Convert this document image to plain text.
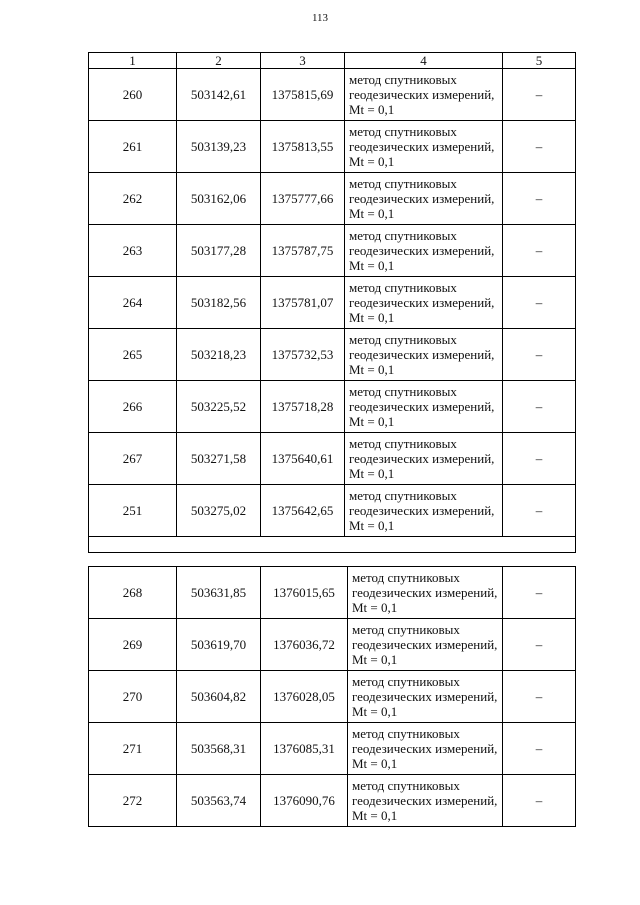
113
1	2	3	4	5
260	503142,61	1375815,69	метод спутниковых геодезических измерений, Mt = 0,1	–
261	503139,23	1375813,55	метод спутниковых геодезических измерений, Mt = 0,1	–
262	503162,06	1375777,66	метод спутниковых геодезических измерений, Mt = 0,1	–
263	503177,28	1375787,75	метод спутниковых геодезических измерений, Mt = 0,1	–
264	503182,56	1375781,07	метод спутниковых геодезических измерений, Mt = 0,1	–
265	503218,23	1375732,53	метод спутниковых геодезических измерений, Mt = 0,1	–
266	503225,52	1375718,28	метод спутниковых геодезических измерений, Mt = 0,1	–
267	503271,58	1375640,61	метод спутниковых геодезических измерений, Mt = 0,1	–
251	503275,02	1375642,65	метод спутниковых геодезических измерений, Mt = 0,1	–

268	503631,85	1376015,65	метод спутниковых геодезических измерений, Mt = 0,1	–
269	503619,70	1376036,72	метод спутниковых геодезических измерений, Mt = 0,1	–
270	503604,82	1376028,05	метод спутниковых геодезических измерений, Mt = 0,1	–
271	503568,31	1376085,31	метод спутниковых геодезических измерений, Mt = 0,1	–
272	503563,74	1376090,76	метод спутниковых геодезических измерений, Mt = 0,1	–
